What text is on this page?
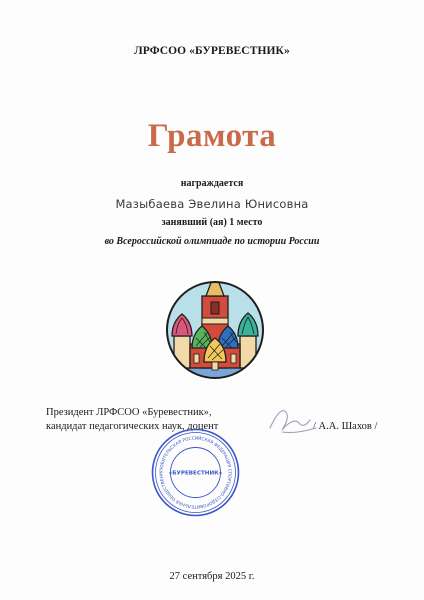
ЛРФСОО «БУРЕВЕСТНИК»
Грамота
награждается
Мазыбаева Эвелина Юнисовна
занявший (ая) 1 место
во Всероссийской олимпиаде по истории России
Президент ЛРФСОО «Буревестник»,
кандидат педагогических наук, доцент	/ А.А. Шахов /
ЛЮБИТЕЛЬСКАЯ РОССИЙСКАЯ ФЕДЕРАЦИЯ СПОРТИВНО-ОЗДОРОВИТЕЛЬНАЯ ОБЩЕСТВЕНН «БУРЕВЕСТНИК»
27 сентября 2025 г.
